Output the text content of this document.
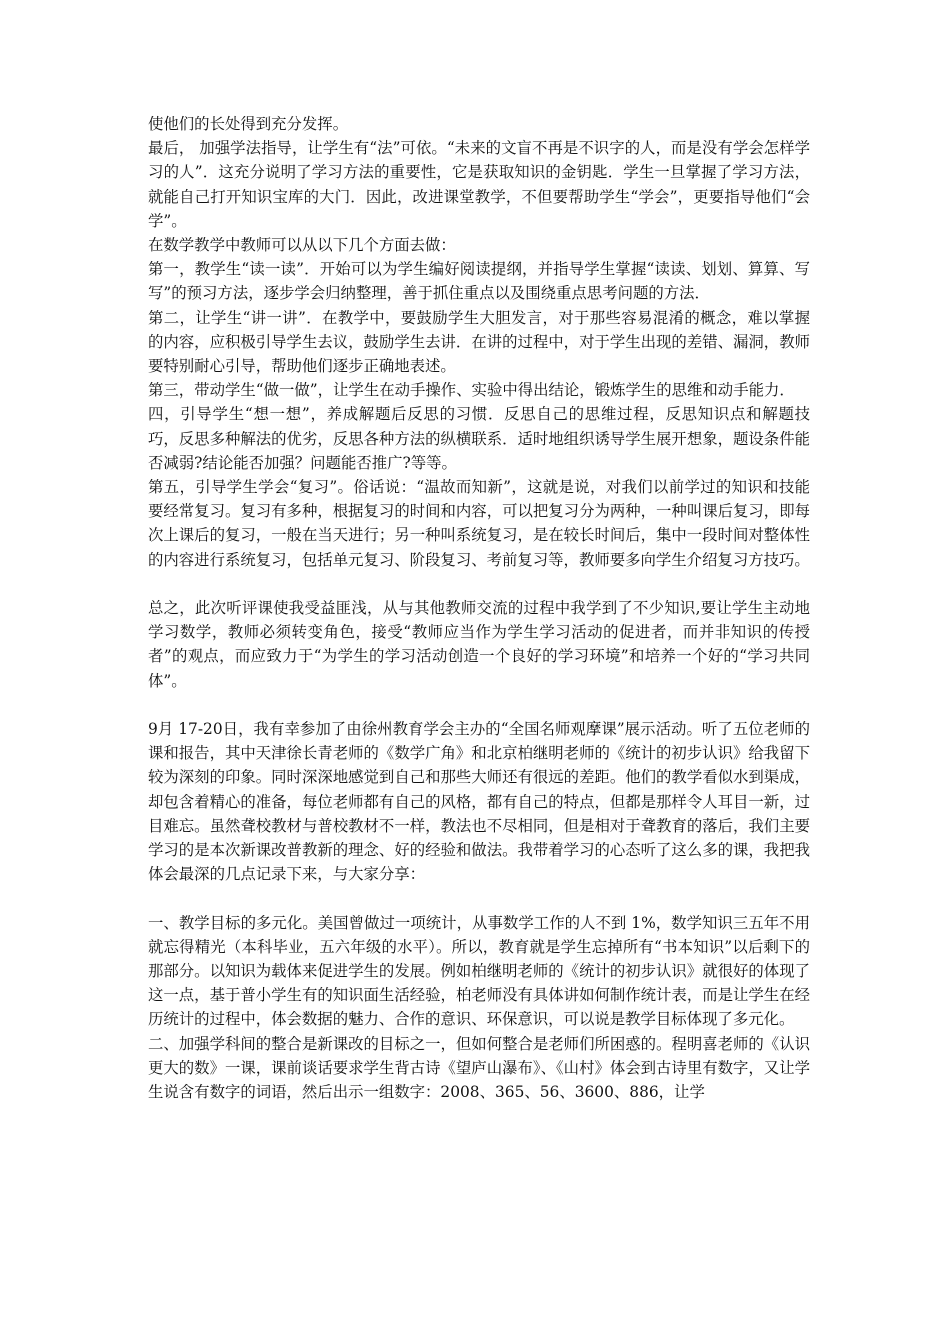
使他们的长处得到充分发挥。

最后， 加强学法指导，让学生有“法”可依。“未来的文盲不再是不识字的人，而是没有学会怎样学习的人”．这充分说明了学习方法的重要性，它是获取知识的金钥匙．学生一旦掌握了学习方法，就能自己打开知识宝库的大门．因此，改进课堂教学，不但要帮助学生“学会”，更要指导他们“会学”。

在数学教学中教师可以从以下几个方面去做：

第一，教学生“读一读”．开始可以为学生编好阅读提纲，并指导学生掌握“读读、划划、算算、写写”的预习方法，逐步学会归纳整理，善于抓住重点以及围绕重点思考问题的方法．

第二，让学生“讲一讲”．在教学中，要鼓励学生大胆发言，对于那些容易混淆的概念，难以掌握的内容，应积极引导学生去议，鼓励学生去讲．在讲的过程中，对于学生出现的差错、漏洞，教师要特别耐心引导，帮助他们逐步正确地表述。

第三，带动学生“做一做”，让学生在动手操作、实验中得出结论，锻炼学生的思维和动手能力．

四，引导学生“想一想”，养成解题后反思的习惯．反思自己的思维过程，反思知识点和解题技巧，反思多种解法的优劣，反思各种方法的纵横联系．适时地组织诱导学生展开想象，题设条件能否减弱?结论能否加强？问题能否推广?等等。

第五，引导学生学会“复习”。俗话说：“温故而知新”，这就是说，对我们以前学过的知识和技能要经常复习。复习有多种，根据复习的时间和内容，可以把复习分为两种，一种叫课后复习，即每次上课后的复习，一般在当天进行；另一种叫系统复习，是在较长时间后，集中一段时间对整体性的内容进行系统复习，包括单元复习、阶段复习、考前复习等，教师要多向学生介绍复习方技巧。

总之，此次听评课使我受益匪浅，从与其他教师交流的过程中我学到了不少知识,要让学生主动地学习数学，教师必须转变角色，接受“教师应当作为学生学习活动的促进者，而并非知识的传授者”的观点，而应致力于“为学生的学习活动创造一个良好的学习环境”和培养一个好的“学习共同体”。

9月 17-20日，我有幸参加了由徐州教育学会主办的“全国名师观摩课”展示活动。听了五位老师的课和报告，其中天津徐长青老师的《数学广角》和北京柏继明老师的《统计的初步认识》给我留下较为深刻的印象。同时深深地感觉到自己和那些大师还有很远的差距。他们的教学看似水到渠成，却包含着精心的准备，每位老师都有自己的风格，都有自己的特点，但都是那样令人耳目一新，过目难忘。虽然聋校教材与普校教材不一样，教法也不尽相同，但是相对于聋教育的落后，我们主要学习的是本次新课改普教新的理念、好的经验和做法。我带着学习的心态听了这么多的课，我把我体会最深的几点记录下来，与大家分享：

一、教学目标的多元化。美国曾做过一项统计，从事数学工作的人不到 1%，数学知识三五年不用就忘得精光（本科毕业，五六年级的水平）。所以，教育就是学生忘掉所有“书本知识”以后剩下的那部分。以知识为载体来促进学生的发展。例如柏继明老师的《统计的初步认识》就很好的体现了这一点，基于普小学生有的知识面生活经验，柏老师没有具体讲如何制作统计表，而是让学生在经历统计的过程中，体会数据的魅力、合作的意识、环保意识，可以说是教学目标体现了多元化。

二、加强学科间的整合是新课改的目标之一，但如何整合是老师们所困惑的。程明喜老师的《认识更大的数》一课，课前谈话要求学生背古诗《望庐山瀑布》、《山村》体会到古诗里有数字，又让学生说含有数字的词语，然后出示一组数字：2008、365、56、3600、886，让学
